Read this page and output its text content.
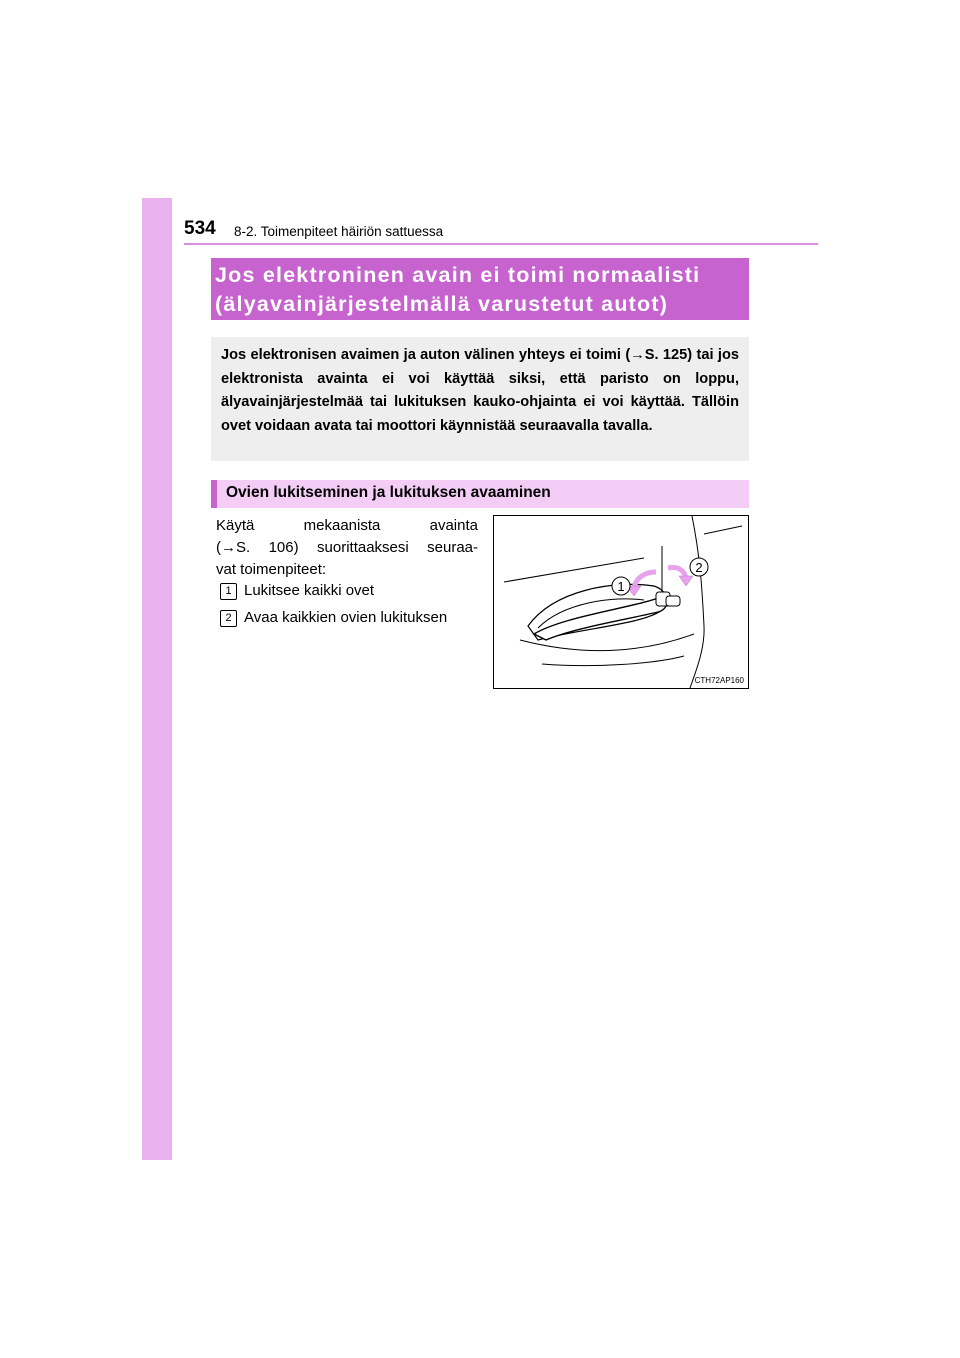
534 8-2. Toimenpiteet häiriön sattuessa
Jos elektroninen avain ei toimi normaalisti
(älyavainjärjestelmällä varustetut autot)
Jos elektronisen avaimen ja auton välinen yhteys ei toimi (→S. 125) tai jos elektronista avainta ei voi käyttää siksi, että paristo on loppu, älyavainjärjestelmää tai lukituksen kauko-ohjainta ei voi käyttää. Tällöin ovet voidaan avata tai moottori käynnistää seuraavalla tavalla.
Ovien lukitseminen ja lukituksen avaaminen
Käytä mekaanista avainta
(→S. 106) suorittaaksesi seuraa-
vat toimenpiteet:
1 Lukitsee kaikki ovet
2 Avaa kaikkien ovien lukituksen
1
2
CTH72AP160
